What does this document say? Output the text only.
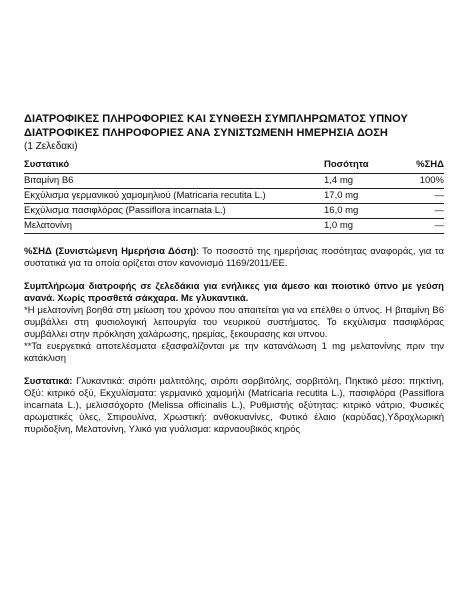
ΔΙΑΤΡΟΦΙΚΕΣ ΠΛΗΡΟΦΟΡΙΕΣ ΚΑΙ ΣΥΝΘΕΣΗ ΣΥΜΠΛΗΡΩΜΑΤΟΣ ΥΠΝΟΥ

ΔΙΑΤΡΟΦΙΚΕΣ ΠΛΗΡΟΦΟΡΙΕΣ ΑΝΑ ΣΥΝΙΣΤΩΜΕΝΗ ΗΜΕΡΗΣΙΑ ΔΟΣΗ

(1 Ζελεδακι)

Συστατικό	Ποσότητα	%ΣΗΔ
Βιταμίνη Β6	1,4 mg	100%
Εκχύλισμα γερμανικού χαμομηλιού (Matricaria recutita L.)	17,0 mg	—
Εκχύλισμα πασιφλόρας (Passiflora incarnata L.)	16,0 mg	—
Μελατονίνη	1,0 mg	—

%ΣΗΔ (Συνιστώμενη Ημερήσια Δόση): Το ποσοστό της ημερήσιας ποσότητας αναφοράς, για τα συστατικά για τα οποία ορίζεται στον κανονισμό 1169/2011/ΕΕ.

Συμπλήρωμα διατροφής σε ζελεδάκια για ενήλικες για άμεσο και ποιοτικό ύπνο με γεύση ανανά. Χωρίς προσθετά σάκχαρα. Με γλυκαντικά.

*Η μελατονίνη βοηθά στη μείωση του χρόνου που απαιτείται για να επέλθει ο ύπνος. Η βιταμίνη Β6 συμβάλλει στη φυσιολογική λειτουργία του νευρικού συστήματος. Το εκχύλισμα πασιφλόρας συμβάλλει στην πρόκληση χαλάρωσης, ηρεμίας, ξεκουρασης και υπνου.

**Τα ευεργετικά αποτελέσματα εξασφαλίζονται με την κατανάλωση 1 mg μελατονίνης πριν την κατάκλιση

Συστατικά: Γλυκαντικά: σιρόπι μαλτιτόλης, σιρόπι σορβιτόλης, σορβιτόλη, Πηκτικό μέσο: πηκτίνη, Οξύ: κιτρικό οξύ, Εκχυλίσματα: γερμανικό χαμομήλι (Matricaria recutita L.), πασιφλόρα (Passiflora incarnata L.), μελισσόχορτο (Melissa officinalis L.), Ρυθμιστής οξύτητας: κιτρικό νάτριο, Φυσικές αρωματικές ύλες, Σπιρουλίνα, Χρωστική: ανθοκυανίνες, Φυτικό έλαιο (καρύδας),Υδροχλωρική πυριδοξίνη, Μελατονίνη, Υλικό για γυάλισμα: καρναουβικός κηρός
